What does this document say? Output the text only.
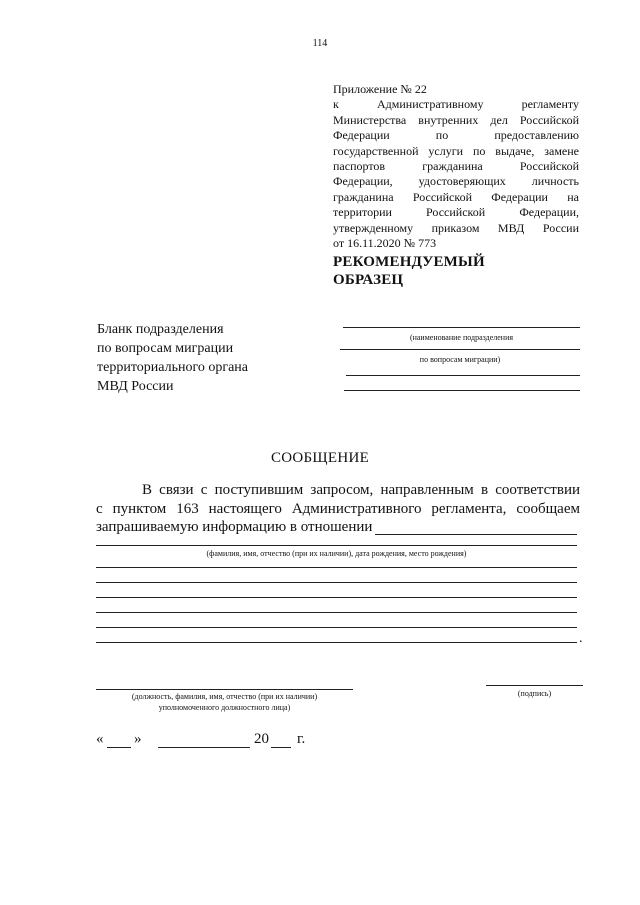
114
Приложение № 22
к Административному регламенту
Министерства внутренних дел Российской
Федерации по предоставлению
государственной услуги по выдаче, замене
паспортов гражданина Российской
Федерации, удостоверяющих личность
гражданина Российской Федерации на
территории Российской Федерации,
утвержденному приказом МВД России
от 16.11.2020 № 773
РЕКОМЕНДУЕМЫЙ
ОБРАЗЕЦ
Бланк подразделения
по вопросам миграции
территориального органа
МВД России
(наименование подразделения
по вопросам миграции)
СООБЩЕНИЕ
В связи с поступившим запросом, направленным в соответствии
с пунктом 163 настоящего Административного регламента, сообщаем
запрашиваемую информацию в отношении
(фамилия, имя, отчество (при их наличии), дата рождения, место рождения)
.
(должность, фамилия, имя, отчество (при их наличии)
уполномоченного должностного лица)
(подпись)
« »	20 г.
